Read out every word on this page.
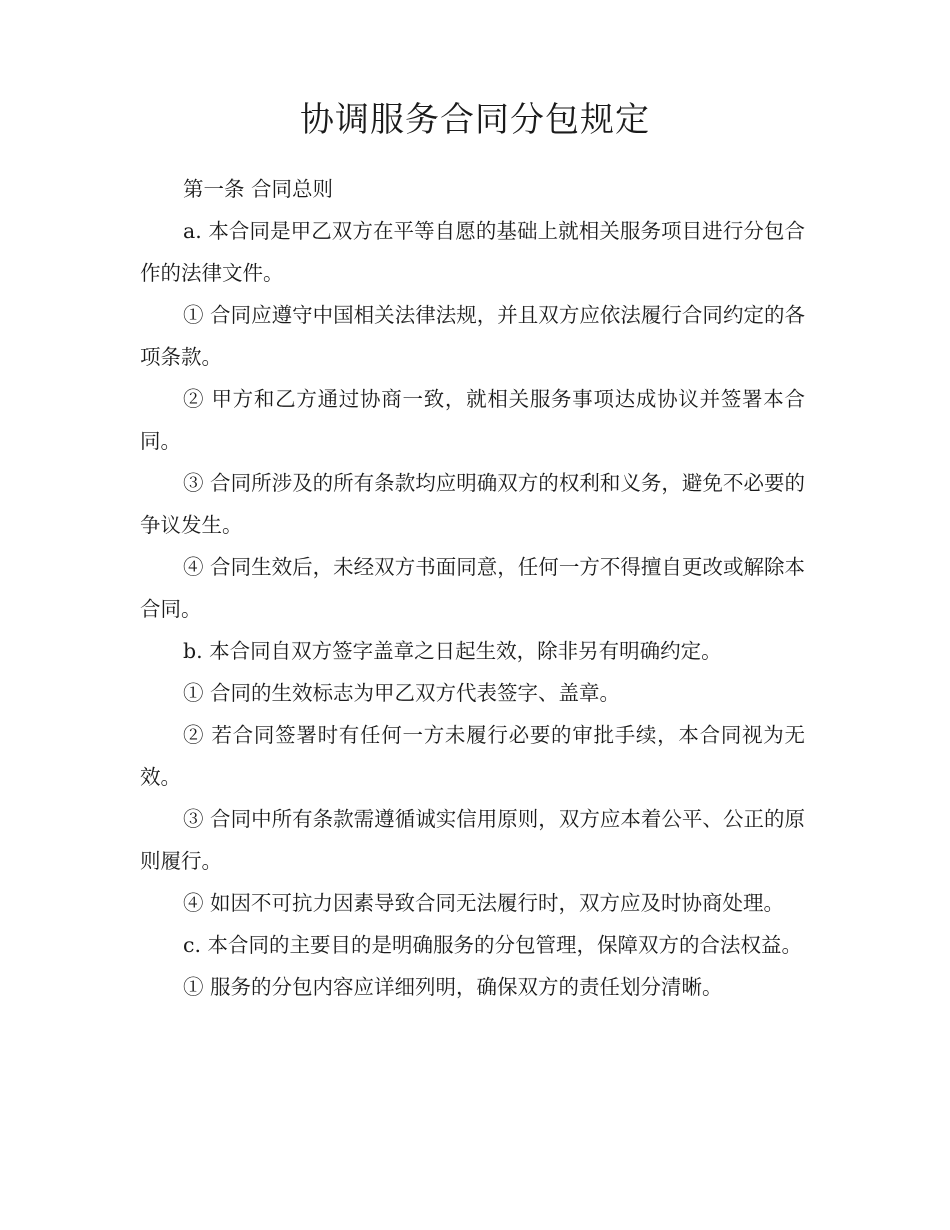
协调服务合同分包规定

第一条 合同总则

a. 本合同是甲乙双方在平等自愿的基础上就相关服务项目进行分包合作的法律文件。

① 合同应遵守中国相关法律法规，并且双方应依法履行合同约定的各项条款。

② 甲方和乙方通过协商一致，就相关服务事项达成协议并签署本合同。

③ 合同所涉及的所有条款均应明确双方的权利和义务，避免不必要的争议发生。

④ 合同生效后，未经双方书面同意，任何一方不得擅自更改或解除本合同。

b. 本合同自双方签字盖章之日起生效，除非另有明确约定。

① 合同的生效标志为甲乙双方代表签字、盖章。

② 若合同签署时有任何一方未履行必要的审批手续，本合同视为无效。

③ 合同中所有条款需遵循诚实信用原则，双方应本着公平、公正的原则履行。

④ 如因不可抗力因素导致合同无法履行时，双方应及时协商处理。

c. 本合同的主要目的是明确服务的分包管理，保障双方的合法权益。

① 服务的分包内容应详细列明，确保双方的责任划分清晰。
